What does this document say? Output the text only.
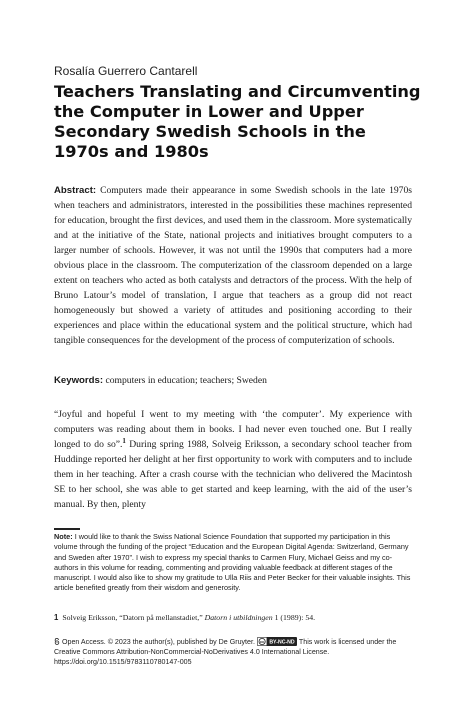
Rosalía Guerrero Cantarell
Teachers Translating and Circumventing the Computer in Lower and Upper Secondary Swedish Schools in the 1970s and 1980s

Abstract: Computers made their appearance in some Swedish schools in the late 1970s when teachers and administrators, interested in the possibilities these machines represented for education, brought the first devices, and used them in the classroom. More systematically and at the initiative of the State, national projects and initiatives brought computers to a larger number of schools. However, it was not until the 1990s that computers had a more obvious place in the classroom. The computerization of the classroom depended on a large extent on teachers who acted as both catalysts and detractors of the process. With the help of Bruno Latour’s model of translation, I argue that teachers as a group did not react homogeneously but showed a variety of attitudes and positioning according to their experiences and place within the educational system and the political structure, which had tangible consequences for the development of the process of computerization of schools.

Keywords: computers in education; teachers; Sweden

“Joyful and hopeful I went to my meeting with ‘the computer’. My experience with computers was reading about them in books. I had never even touched one. But I really longed to do so”.$^1$ During spring 1988, Solveig Eriksson, a secondary school teacher from Huddinge reported her delight at her first opportunity to work with computers and to include them in her teaching. After a crash course with the technician who delivered the Macintosh SE to her school, she was able to get started and keep learning, with the aid of the user’s manual. By then, plenty

Note: I would like to thank the Swiss National Science Foundation that supported my participation in this volume through the funding of the project “Education and the European Digital Agenda: Switzerland, Germany and Sweden after 1970”. I wish to express my special thanks to Carmen Flury, Michael Geiss and my co-authors in this volume for reading, commenting and providing valuable feedback at different stages of the manuscript. I would also like to show my gratitude to Ulla Riis and Peter Becker for their valuable insights. This article benefited greatly from their wisdom and generosity.

1 Solveig Eriksson, “Datorn på mellanstadiet,” Datorn i utbildningen 1 (1989): 54.

Open Access. © 2023 the author(s), published by De Gruyter. cc BY-NC-ND This work is licensed under the Creative Commons Attribution-NonCommercial-NoDerivatives 4.0 International License.
https://doi.org/10.1515/9783110780147-005
